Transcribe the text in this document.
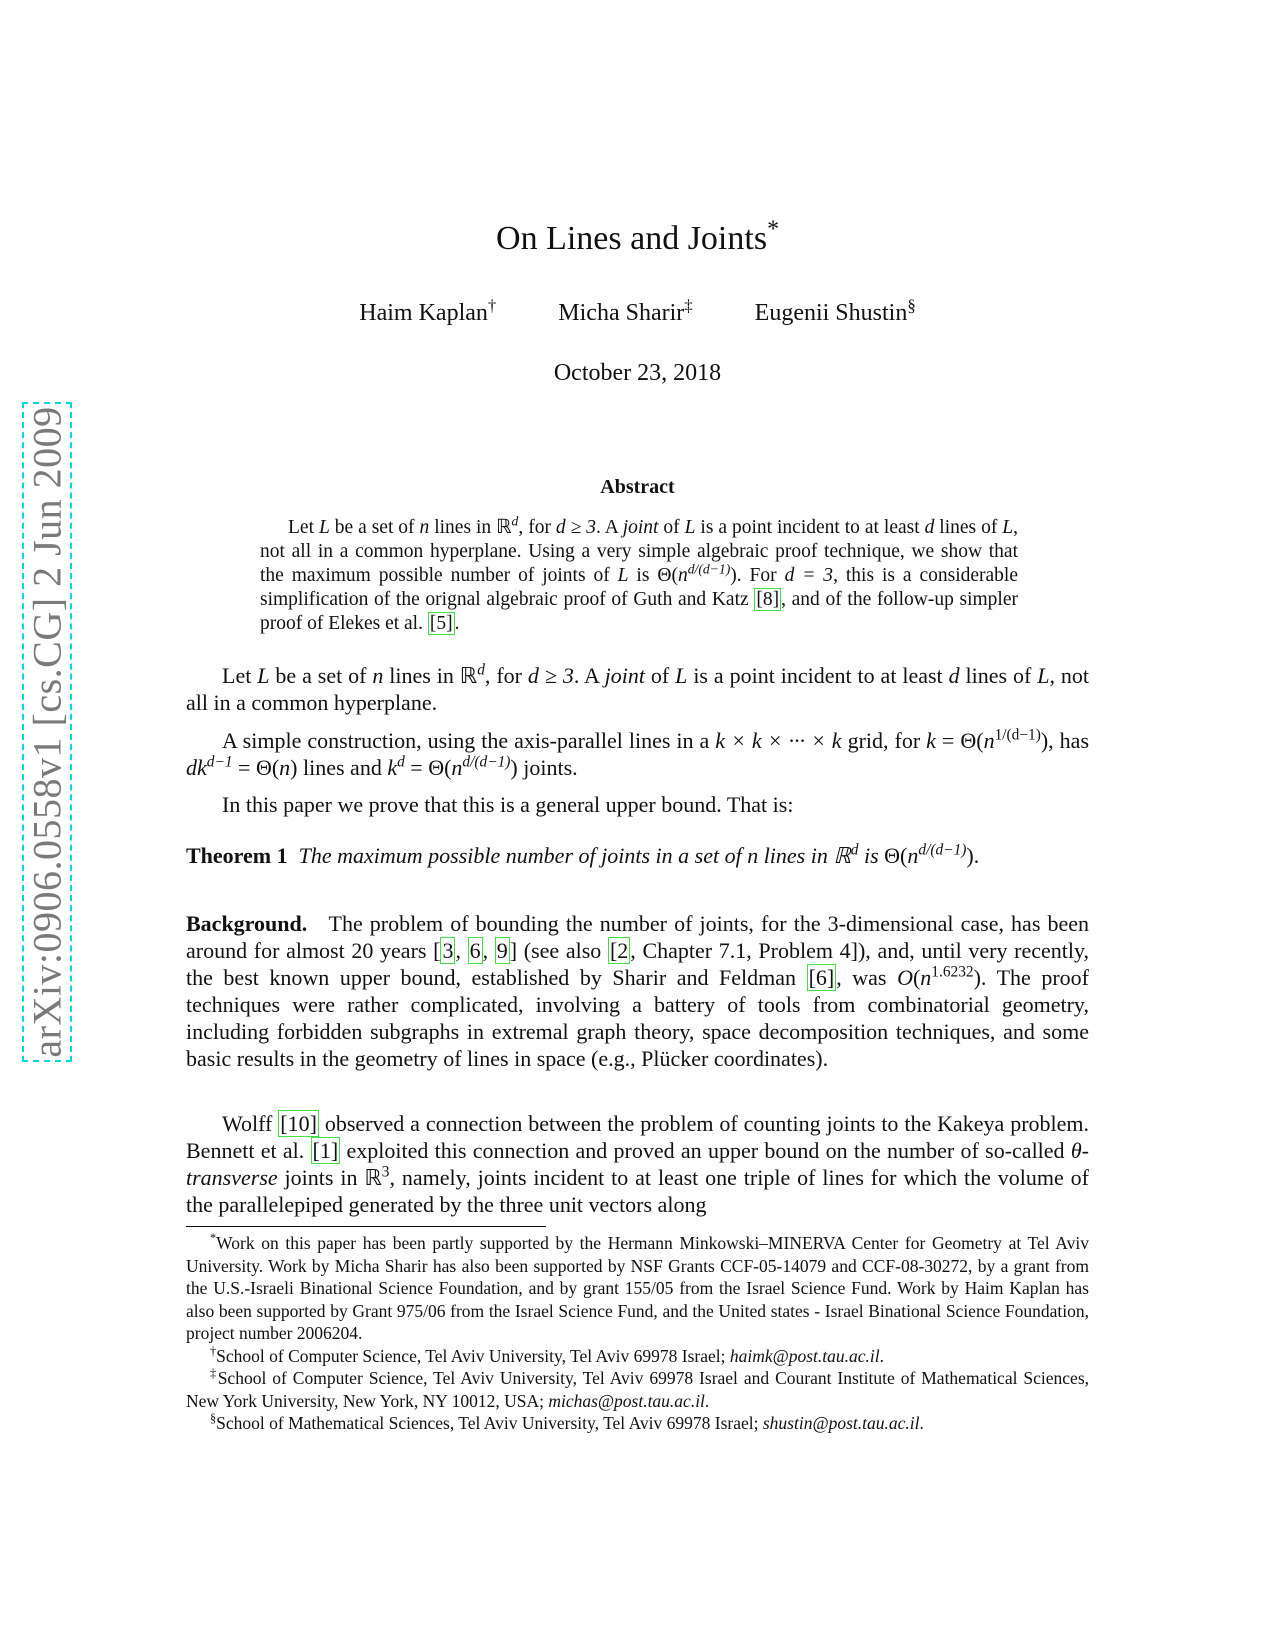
arXiv:0906.0558v1 [cs.CG] 2 Jun 2009
On Lines and Joints*
Haim Kaplan†	Micha Sharir‡	Eugenii Shustin§
October 23, 2018
Abstract

Let L be a set of n lines in ℝ$^d$, for d ≥ 3. A joint of L is a point incident to at least d lines of L, not all in a common hyperplane. Using a very simple algebraic proof technique, we show that the maximum possible number of joints of L is $\Theta(n^{d/(d-1)})$. For d = 3, this is a considerable simplification of the orignal algebraic proof of Guth and Katz [8] , and of the follow-up simpler proof of Elekes et al. [5] .

Let L be a set of n lines in ℝ$^d$, for d ≥ 3. A joint of L is a point incident to at least d lines of L, not all in a common hyperplane.

A simple construction, using the axis-parallel lines in a k × k × ··· × k grid, for $k = \Theta(n^{1/(d-1)})$, has $dk^{d-1} = \Theta(n)$ lines and $k^d = \Theta(n^{d/(d-1)})$ joints.

In this paper we prove that this is a general upper bound. That is:

Theorem 1 The maximum possible number of joints in a set of n lines in ℝ$^d$ is $\Theta(n^{d/(d-1)})$.

Background. The problem of bounding the number of joints, for the 3-dimensional case, has been around for almost 20 years [3, 6, 9] (see also [2, Chapter 7.1, Problem 4]), and, until very recently, the best known upper bound, established by Sharir and Feldman [6], was $O(n^{1.6232})$. The proof techniques were rather complicated, involving a battery of tools from combinatorial geometry, including forbidden subgraphs in extremal graph theory, space decomposition techniques, and some basic results in the geometry of lines in space (e.g., Plücker coordinates).

Wolff [10] observed a connection between the problem of counting joints to the Kakeya problem. Bennett et al. [1] exploited this connection and proved an upper bound on the number of so-called θ-transverse joints in ℝ$^3$, namely, joints incident to at least one triple of lines for which the volume of the parallelepiped generated by the three unit vectors along

*Work on this paper has been partly supported by the Hermann Minkowski–MINERVA Center for Geometry at Tel Aviv University. Work by Micha Sharir has also been supported by NSF Grants CCF-05-14079 and CCF-08-30272, by a grant from the U.S.-Israeli Binational Science Foundation, and by grant 155/05 from the Israel Science Fund. Work by Haim Kaplan has also been supported by Grant 975/06 from the Israel Science Fund, and the United states - Israel Binational Science Foundation, project number 2006204.

†School of Computer Science, Tel Aviv University, Tel Aviv 69978 Israel; haimk@post.tau.ac.il.

‡School of Computer Science, Tel Aviv University, Tel Aviv 69978 Israel and Courant Institute of Mathematical Sciences, New York University, New York, NY 10012, USA; michas@post.tau.ac.il.

§School of Mathematical Sciences, Tel Aviv University, Tel Aviv 69978 Israel; shustin@post.tau.ac.il.
